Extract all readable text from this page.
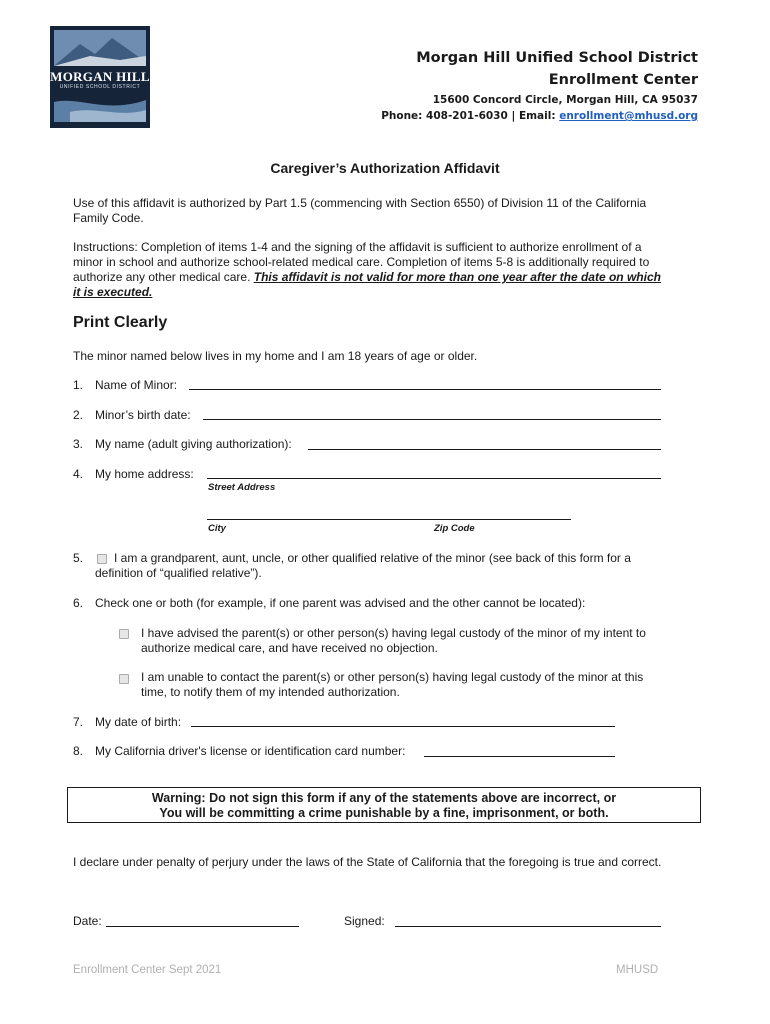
MORGAN HILL
UNIFIED SCHOOL DISTRICT
Morgan Hill Unified School District
Enrollment Center
15600 Concord Circle, Morgan Hill, CA 95037
Phone: 408-201-6030 | Email: enrollment@mhusd.org
Caregiver’s Authorization Affidavit

Use of this affidavit is authorized by Part 1.5 (commencing with Section 6550) of Division 11 of the California

Family Code.

Instructions: Completion of items 1-4 and the signing of the affidavit is sufficient to authorize enrollment of a

minor in school and authorize school-related medical care. Completion of items 5-8 is additionally required to

authorize any other medical care. This affidavit is not valid for more than one year after the date on which

it is executed.

Print Clearly
The minor named below lives in my home and I am 18 years of age or older.
1. Name of Minor:
2. Minor’s birth date:
3. My name (adult giving authorization):
4. My home address:
Street Address
City	Zip Code
5.	I am a grandparent, aunt, uncle, or other qualified relative of the minor (see back of this form for a
definition of “qualified relative”).
6. Check one or both (for example, if one parent was advised and the other cannot be located):
I have advised the parent(s) or other person(s) having legal custody of the minor of my intent to
authorize medical care, and have received no objection.
I am unable to contact the parent(s) or other person(s) having legal custody of the minor at this
time, to notify them of my intended authorization.
7. My date of birth:
8. My California driver's license or identification card number:
Warning: Do not sign this form if any of the statements above are incorrect, or
You will be committing a crime punishable by a fine, imprisonment, or both.
I declare under penalty of perjury under the laws of the State of California that the foregoing is true and correct.
Date:	Signed:
Enrollment Center Sept 2021	MHUSD
